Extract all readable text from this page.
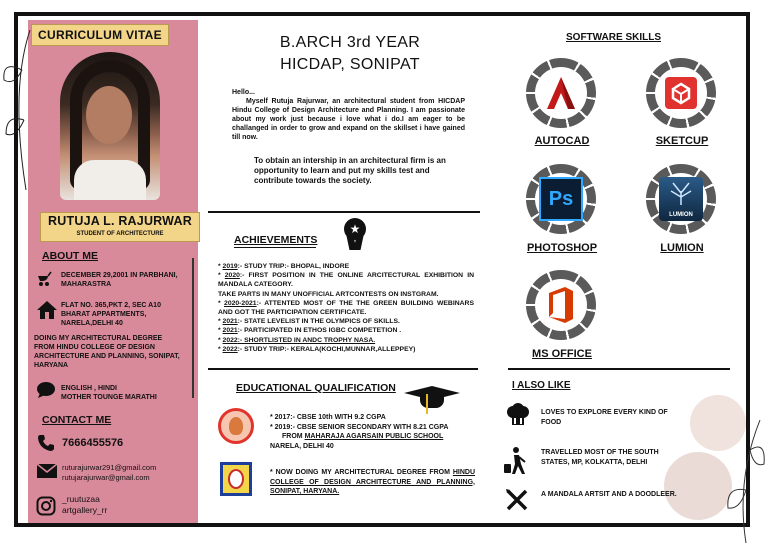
CURRICULUM VITAE
RUTUJA L. RAJURWAR
STUDENT OF ARCHITECTURE
ABOUT ME
DECEMBER 29,2001 IN PARBHANI, MAHARASTRA
FLAT NO. 365,PKT 2, SEC A10 BHARAT APPARTMENTS, NARELA,DELHI 40
DOING MY ARCHITECTURAL DEGREE FROM HINDU COLLEGE OF DESIGN ARCHITECTURE AND PLANNING, SONIPAT, HARYANA
ENGLISH , HINDI
MOTHER TOUNGE MARATHI
CONTACT ME
7666455576
ruturajurwar291@gmail.com
rutujarajurwar@gmail.com
_ruutuzaa
artgallery_rr
B.ARCH 3rd YEAR
HICDAP, SONIPAT
Hello...
Myself Rutuja Rajurwar, an architectural student from HICDAP Hindu College of Design Architecture and Planning. I am passionate about my work just because i love what i do.I am eager to be challanged in order to grow and expand on the skillset i have gained till now.
To obtain an intership in an architectural firm is an opportunity to learn and put my skills test and contribute towards the society.
ACHIEVEMENTS
★
* 2019:- STUDY TRIP:- BHOPAL, INDORE
* 2020:- FIRST POSITION IN THE ONLINE ARCITECTURAL EXHIBITION IN MANDALA CATEGORY.
TAKE PARTS IN MANY UNOFFICIAL ARTCONTESTS ON INSTGRAM.
* 2020-2021:- ATTENTED MOST OF THE THE GREEN BUILDING WEBINARS AND GOT THE PARTICIPATION CERTIFICATE.
* 2021:- STATE LEVELIST IN THE OLYMPICS OF SKILLS.
* 2021:- PARTICIPATED IN ETHOS IGBC COMPETETION .
* 2022:- SHORTLISTED IN ANDC TROPHY NASA.
* 2022:- STUDY TRIP:- KERALA(KOCHI,MUNNAR,ALLEPPEY)
EDUCATIONAL QUALIFICATION
* 2017:- CBSE 10th WITH 9.2 CGPA
* 2019:- CBSE SENIOR SECONDARY WITH 8.21 CGPA
FROM MAHARAJA AGARSAIN PUBLIC SCHOOL
NARELA, DELHI 40
* NOW DOING MY ARCHITECTURAL DEGREE FROM HINDU COLLEGE OF DESIGN ARCHITECTURE AND PLANNING, SONIPAT, HARYANA.
SOFTWARE SKILLS
AUTOCAD	SKETCUP
Ps
PHOTOSHOP
LUMION
LUMION
MS OFFICE
I ALSO LIKE
LOVES TO EXPLORE EVERY KIND OF FOOD
TRAVELLED MOST OF THE SOUTH STATES, MP, KOLKATTA, DELHI
A MANDALA ARTSIT AND A DOODLEER.
